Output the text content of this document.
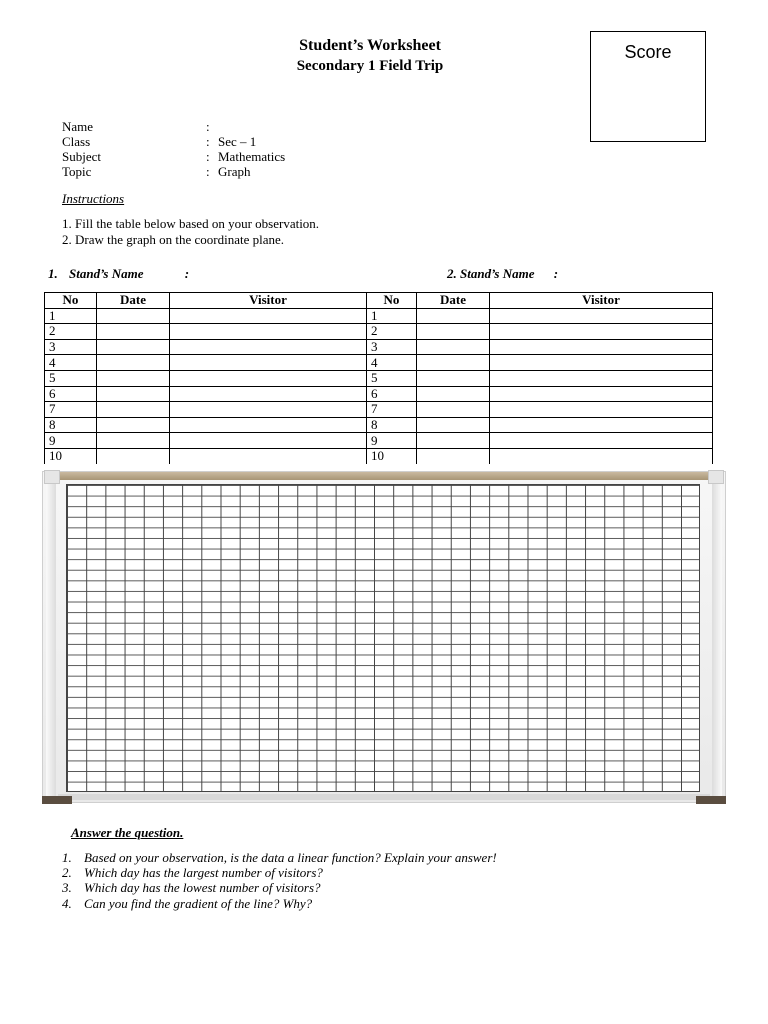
Student’s Worksheet
Secondary 1 Field Trip
Score
Name	:
Class	: Sec – 1
Subject	: Mathematics
Topic	: Graph
Instructions
1. Fill the table below based on your observation.
2. Draw the graph on the coordinate plane.
1. Stand’s Name	:	2. Stand’s Name :
No	Date	Visitor	No	Date	Visitor
1			1		
2			2		
3			3		
4			4		
5			5		
6			6		
7			7		
8			8		
9			9		
10			10		
Answer the question.
1. Based on your observation, is the data a linear function? Explain your answer!
2. Which day has the largest number of visitors?
3. Which day has the lowest number of visitors?
4. Can you find the gradient of the line? Why?
